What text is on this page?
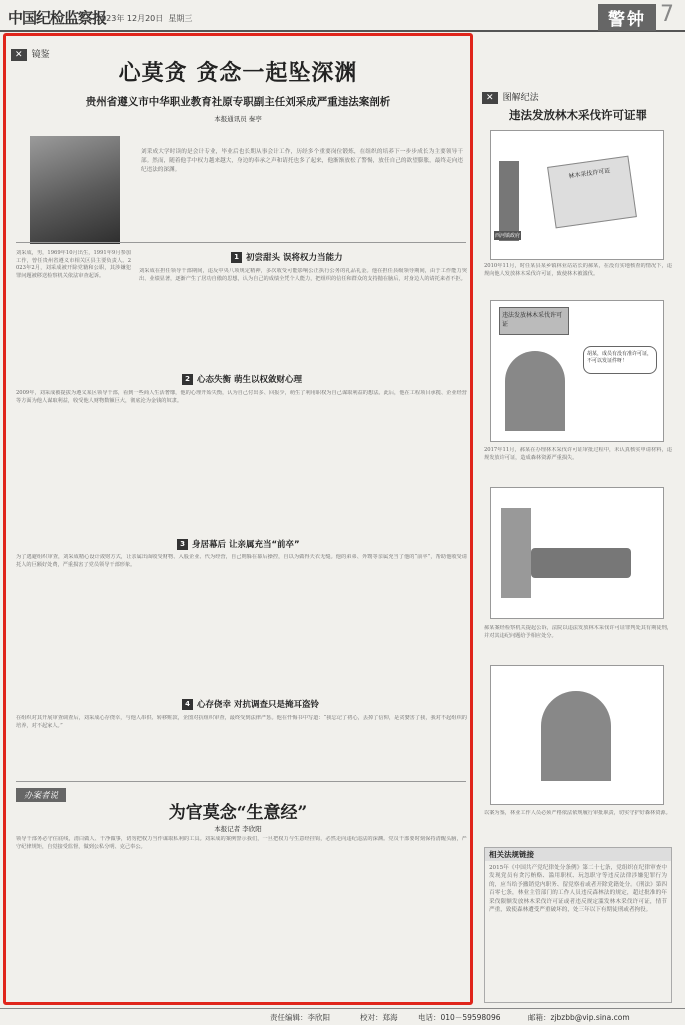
中国纪检监察报
2023年 12月20日 星期三	警钟 7
✕ 镜鉴
心莫贪 贪念一起坠深渊
贵州省遵义市中华职业教育社原专职副主任刘采成严重违法案剖析
本报通讯员 秦亭
刘采成，男，1969年10月出生，1991年9月参加工作，曾任贵州省遵义市相关区县主要负责人。2023年2月，刘采成被开除党籍和公职，其涉嫌犯罪问题被移送检察机关依法审查起诉。
刘采成大学时读的是会计专业，毕业后也长期从事会计工作，历经多个重要岗位锻炼，在组织的培养下一步步成长为主要领导干部。然而，随着他手中权力越来越大，身边的奉承之声和请托也多了起来，他渐渐放松了警惕，放任自己的欲望膨胀，最终走向违纪违法的深渊。
1 初尝甜头 误将权力当能力
刘采成在担任领导干部期间，违反中央八项规定精神，多次收受可能影响公正执行公务的礼品礼金。他在担任县级领导期间，由于工作能力突出、业绩显著，逐渐产生了居功自傲的思想，认为自己的成绩全凭个人能力，把组织的信任和群众的支持抛在脑后，对身边人的请托来者不拒。
2 心态失衡 萌生以权敛财心理
2009年，刘采成被提拔为遵义某区领导干部，看到一些商人生活奢靡，他的心理开始失衡，认为自己付出多、回报少，萌生了利用职权为自己谋取利益的想法。此后，他在工程项目承揽、企业经营等方面为他人谋取利益，收受他人财物数额巨大，彻底沦为金钱的奴隶。
3 身居幕后 让亲属充当“前卒”
为了逃避组织审查，刘采成精心设计敛财方式，让亲属出面收受财物、入股企业、代为经营，自己则躲在幕后操控，自以为做得天衣无缝。他的弟弟、外甥等亲属充当了他的“前卒”，帮助他收受请托人的巨额好处费，严重损害了党员领导干部形象。
4 心存侥幸 对抗调查只是掩耳盗铃
在组织对其开展审查调查后，刘采成心存侥幸，与他人串供、转移赃款，企图对抗组织审查，最终受到法律严惩。他在忏悔书中写道：“我忘记了初心，丢掉了信仰，是贪婪害了我，我对不起组织的培养，对不起家人。”
办案者说
为官莫念“生意经”
本报记者 李欣阳
领导干部务必守住底线，清白做人、干净做事，切勿把权力当作谋取私利的工具。刘采成的案例警示我们，一旦把权力与生意经挂钩，必然走向违纪违法的深渊。党员干部要时刻保持清醒头脑，严守纪律规矩，自觉接受监督，做到公私分明、克己奉公。
✕ 图解纪法
违法发放林木采伐许可证罪
西河镇政府
林木采伐许可证
2010年11月，时任某县某乡镇林业站站长的郝某，在没有实地核查的情况下，违规向他人发放林木采伐许可证，致使林木被滥伐。
违法发放林木采伐许可证
胡某，成员有没有准许可证，不可以发证件呀！
2017年11月，郝某在办理林木采伐许可证审批过程中，未认真核实申请材料，违规发放许可证，造成森林资源严重损失。
郝某案经检察机关提起公诉，法院以违法发放林木采伐许可证罪判处其有期徒刑，并对其违纪问题给予相应处分。
以案为鉴，林业工作人员必须严格依法依规履行审批职责，切实守护好森林资源。
相关法规链接
2015年《中国共产党纪律处分条例》第二十七条，党组织在纪律审查中发现党员有贪污贿赂、滥用职权、玩忽职守等违反法律涉嫌犯罪行为的，应当给予撤销党内职务、留党察看或者开除党籍处分。《刑法》第四百零七条，林业主管部门的工作人员违反森林法的规定，超过批准的年采伐限额发放林木采伐许可证或者违反规定滥发林木采伐许可证，情节严重，致使森林遭受严重破坏的，处三年以下有期徒刑或者拘役。
责任编辑：李欣阳	校对：郑海	电话：010－59598096	邮箱：zjbzbb@vip.sina.com
